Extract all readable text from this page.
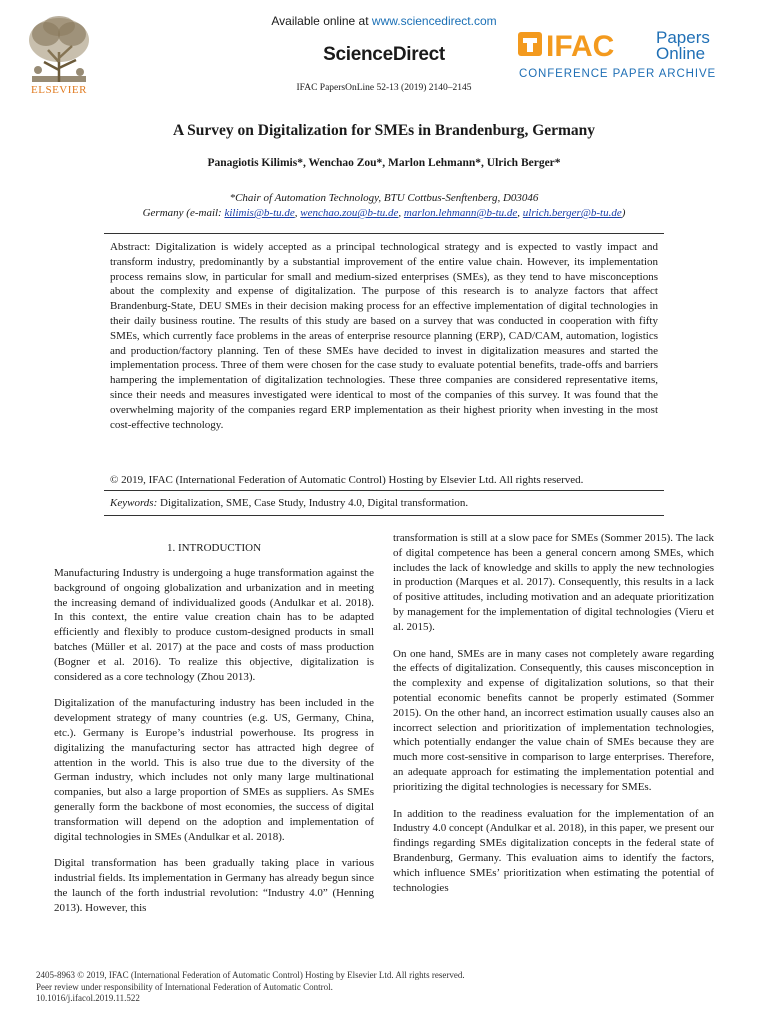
ELSEVIER
Available online at www.sciencedirect.com
ScienceDirect
IFAC PapersOnLine 52-13 (2019) 2140–2145
IFAC Papers
Online
CONFERENCE PAPER ARCHIVE
A Survey on Digitalization for SMEs in Brandenburg, Germany
Panagiotis Kilimis*, Wenchao Zou*, Marlon Lehmann*, Ulrich Berger*
*Chair of Automation Technology, BTU Cottbus-Senftenberg, D03046
Germany (e-mail: kilimis@b-tu.de, wenchao.zou@b-tu.de, marlon.lehmann@b-tu.de, ulrich.berger@b-tu.de)
Abstract: Digitalization is widely accepted as a principal technological strategy and is expected to vastly impact and transform industry, predominantly by a substantial improvement of the entire value chain. However, its implementation process remains slow, in particular for small and medium-sized enterprises (SMEs), as they tend to have misconceptions about the complexity and expense of digitalization. The purpose of this research is to analyze factors that affect Brandenburg-State, DEU SMEs in their decision making process for an effective implementation of digital technologies in their daily business routine. The results of this study are based on a survey that was conducted in cooperation with fifty SMEs, which currently face problems in the areas of enterprise resource planning (ERP), CAD/CAM, automation, logistics and production/factory planning. Ten of these SMEs have decided to invest in digitalization measures and started the implementation process. Three of them were chosen for the case study to evaluate potential benefits, trade-offs and barriers hampering the implementation of digitalization technologies. These three companies are considered representative items, since their needs and measures investigated were identical to most of the companies of this survey. It was found that the overwhelming majority of the companies regard ERP implementation as their highest priority when investing in the most cost-effective technology.
© 2019, IFAC (International Federation of Automatic Control) Hosting by Elsevier Ltd. All rights reserved.
Keywords: Digitalization, SME, Case Study, Industry 4.0, Digital transformation.
1. INTRODUCTION

Manufacturing Industry is undergoing a huge transformation against the background of ongoing globalization and urbanization and in meeting the increasing demand of individualized goods (Andulkar et al. 2018). In this context, the entire value creation chain has to be adapted efficiently and flexibly to produce custom-designed products in small batches (Müller et al. 2017) at the pace and costs of mass production (Bogner et al. 2016). To realize this objective, digitalization is considered as a core technology (Zhou 2013).

Digitalization of the manufacturing industry has been included in the development strategy of many countries (e.g. US, Germany, China, etc.). Germany is Europe’s industrial powerhouse. Its progress in digitalizing the manufacturing sector has attracted high degree of attention in the world. This is also true due to the diversity of the German industry, which includes not only many large multinational companies, but also a large proportion of SMEs as suppliers. As SMEs generally form the backbone of most economies, the success of digital transformation will depend on the adoption and implementation of digital technologies in SMEs (Andulkar et al. 2018).

Digital transformation has been gradually taking place in various industrial fields. Its implementation in Germany has already begun since the launch of the forth industrial revolution: “Industry 4.0” (Henning 2013). However, this

transformation is still at a slow pace for SMEs (Sommer 2015). The lack of digital competence has been a general concern among SMEs, which includes the lack of knowledge and skills to apply the new technologies in production (Marques et al. 2017). Consequently, this results in a lack of positive attitudes, including motivation and an adequate prioritization by management for the implementation of digital technologies (Vieru et al. 2015).

On one hand, SMEs are in many cases not completely aware regarding the effects of digitalization. Consequently, this causes misconception in the complexity and expense of digitalization solutions, so that their potential economic benefits cannot be properly estimated (Sommer 2015). On the other hand, an incorrect estimation usually causes also an incorrect selection and prioritization of implementation technologies, which potentially endanger the value chain of SMEs because they are much more cost-sensitive in comparison to large enterprises. Therefore, an adequate approach for estimating the implementation potential and prioritizing the digital technologies is necessary for SMEs.

In addition to the readiness evaluation for the implementation of an Industry 4.0 concept (Andulkar et al. 2018), in this paper, we present our findings regarding SMEs digitalization concepts in the federal state of Brandenburg, Germany. This evaluation aims to identify the factors, which influence SMEs’ prioritization when estimating the potential of technologies

2405-8963 © 2019, IFAC (International Federation of Automatic Control) Hosting by Elsevier Ltd. All rights reserved.
Peer review under responsibility of International Federation of Automatic Control.
10.1016/j.ifacol.2019.11.522
